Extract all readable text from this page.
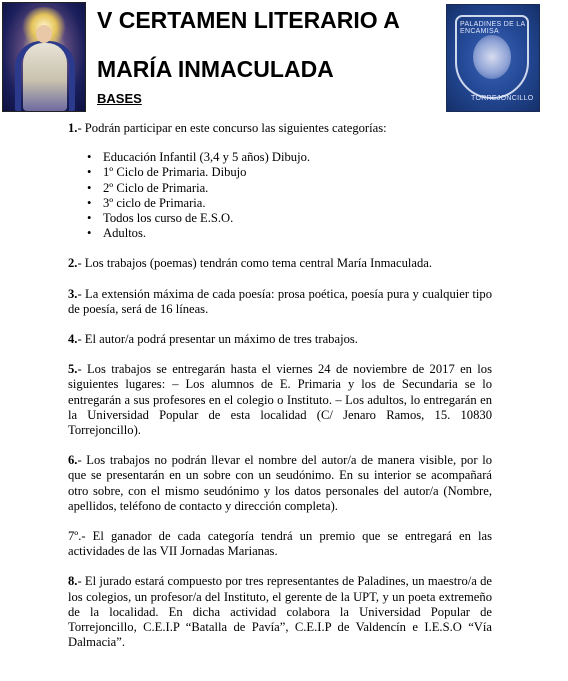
V CERTAMEN LITERARIO A
MARÍA INMACULADA
BASES
PALADINES DE LA ENCAMISA
TORREJONCILLO

1.- Podrán participar en este concurso las siguientes categorías:

• Educación Infantil (3,4 y 5 años) Dibujo.
• 1º Ciclo de Primaria. Dibujo
• 2º Ciclo de Primaria.
• 3º ciclo de Primaria.
• Todos los curso de E.S.O.
• Adultos.

2.- Los trabajos (poemas) tendrán como tema central María Inmaculada.

3.- La extensión máxima de cada poesía: prosa poética, poesía pura y cualquier tipo de poesía, será de 16 líneas.

4.- El autor/a podrá presentar un máximo de tres trabajos.

5.- Los trabajos se entregarán hasta el viernes 24 de noviembre de 2017 en los siguientes lugares: – Los alumnos de E. Primaria y los de Secundaria se lo entregarán a sus profesores en el colegio o Instituto. – Los adultos, lo entregarán en la Universidad Popular de esta localidad (C/ Jenaro Ramos, 15. 10830 Torrejoncillo).

6.- Los trabajos no podrán llevar el nombre del autor/a de manera visible, por lo que se presentarán en un sobre con un seudónimo. En su interior se acompañará otro sobre, con el mismo seudónimo y los datos personales del autor/a (Nombre, apellidos, teléfono de contacto y dirección completa).

7º.- El ganador de cada categoría tendrá un premio que se entregará en las actividades de las VII Jornadas Marianas.

8.- El jurado estará compuesto por tres representantes de Paladines, un maestro/a de los colegios, un profesor/a del Instituto, el gerente de la UPT, y un poeta extremeño de la localidad. En dicha actividad colabora la Universidad Popular de Torrejoncillo, C.E.I.P “Batalla de Pavía”, C.E.I.P de Valdencín e I.E.S.O “Vía Dalmacia”.
